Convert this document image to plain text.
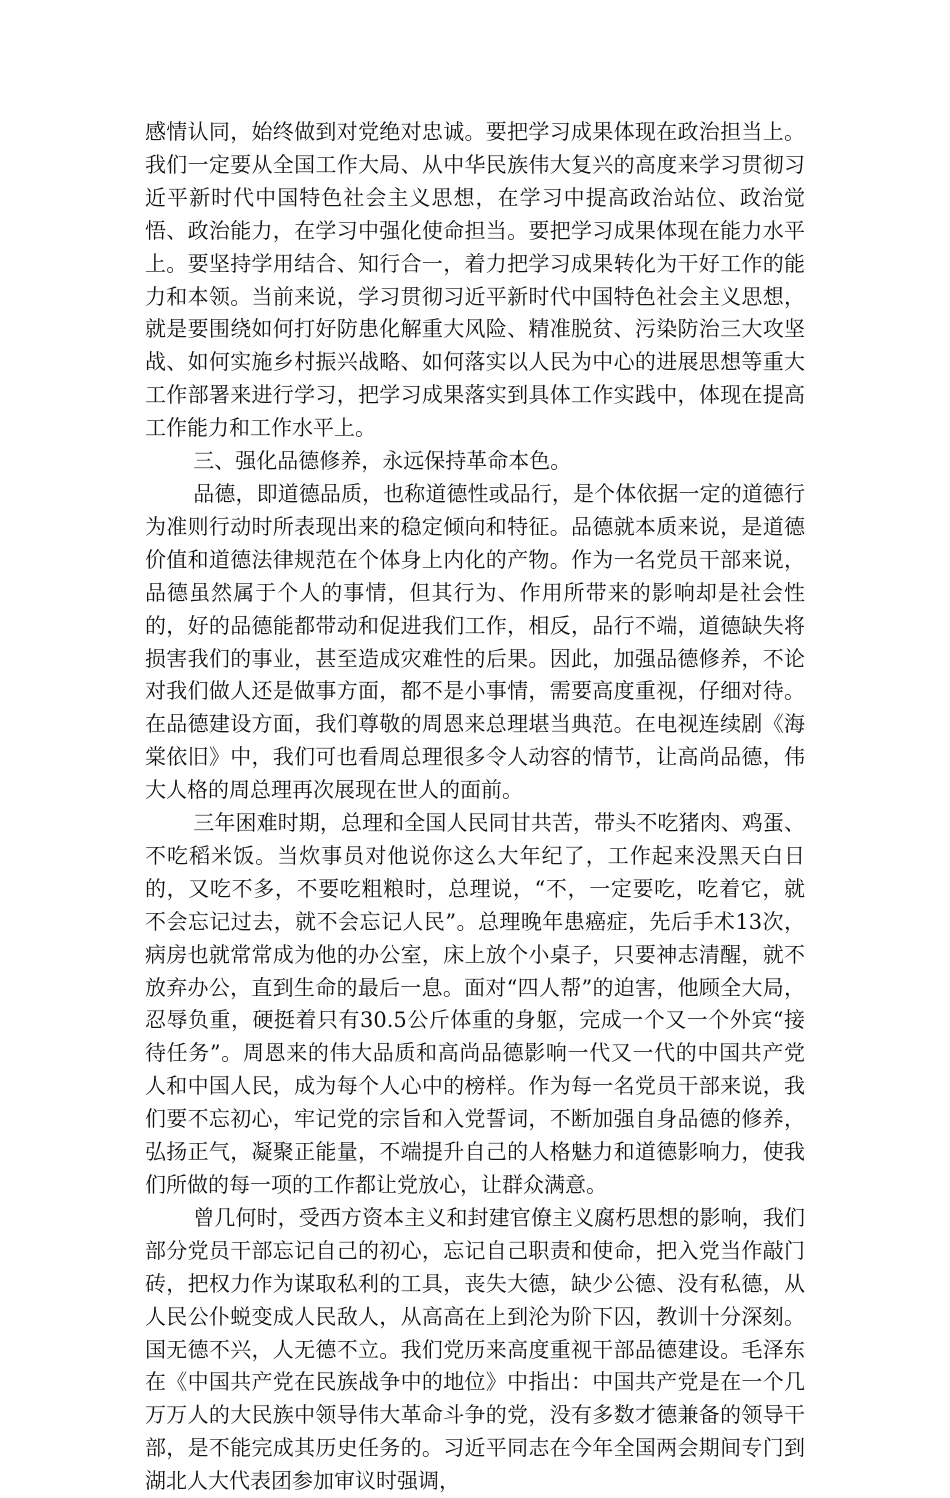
感情认同，始终做到对党绝对忠诚。要把学习成果体现在政治担当上。我们一定要从全国工作大局、从中华民族伟大复兴的高度来学习贯彻习近平新时代中国特色社会主义思想，在学习中提高政治站位、政治觉悟、政治能力，在学习中强化使命担当。要把学习成果体现在能力水平上。要坚持学用结合、知行合一，着力把学习成果转化为干好工作的能力和本领。当前来说，学习贯彻习近平新时代中国特色社会主义思想，就是要围绕如何打好防患化解重大风险、精准脱贫、污染防治三大攻坚战、如何实施乡村振兴战略、如何落实以人民为中心的进展思想等重大工作部署来进行学习，把学习成果落实到具体工作实践中，体现在提高工作能力和工作水平上。

三、强化品德修养，永远保持革命本色。

品德，即道德品质，也称道德性或品行，是个体依据一定的道德行为准则行动时所表现出来的稳定倾向和特征。品德就本质来说，是道德价值和道德法律规范在个体身上内化的产物。作为一名党员干部来说，品德虽然属于个人的事情，但其行为、作用所带来的影响却是社会性的，好的品德能都带动和促进我们工作，相反，品行不端，道德缺失将损害我们的事业，甚至造成灾难性的后果。因此，加强品德修养，不论对我们做人还是做事方面，都不是小事情，需要高度重视，仔细对待。在品德建设方面，我们尊敬的周恩来总理堪当典范。在电视连续剧《海棠依旧》中，我们可也看周总理很多令人动容的情节，让高尚品德，伟大人格的周总理再次展现在世人的面前。

三年困难时期，总理和全国人民同甘共苦，带头不吃猪肉、鸡蛋、不吃稻米饭。当炊事员对他说你这么大年纪了，工作起来没黑天白日的，又吃不多，不要吃粗粮时，总理说，“不，一定要吃，吃着它，就不会忘记过去，就不会忘记人民”。总理晚年患癌症，先后手术13次，病房也就常常成为他的办公室，床上放个小桌子，只要神志清醒，就不放弃办公，直到生命的最后一息。面对“四人帮”的迫害，他顾全大局，忍辱负重，硬挺着只有30.5公斤体重的身躯，完成一个又一个外宾“接待任务”。周恩来的伟大品质和高尚品德影响一代又一代的中国共产党人和中国人民，成为每个人心中的榜样。作为每一名党员干部来说，我们要不忘初心，牢记党的宗旨和入党誓词，不断加强自身品德的修养，弘扬正气，凝聚正能量，不端提升自己的人格魅力和道德影响力，使我们所做的每一项的工作都让党放心，让群众满意。

曾几何时，受西方资本主义和封建官僚主义腐朽思想的影响，我们部分党员干部忘记自己的初心，忘记自己职责和使命，把入党当作敲门砖，把权力作为谋取私利的工具，丧失大德，缺少公德、没有私德，从人民公仆蜕变成人民敌人，从高高在上到沦为阶下囚，教训十分深刻。国无德不兴，人无德不立。我们党历来高度重视干部品德建设。毛泽东在《中国共产党在民族战争中的地位》中指出：中国共产党是在一个几万万人的大民族中领导伟大革命斗争的党，没有多数才德兼备的领导干部，是不能完成其历史任务的。习近平同志在今年全国两会期间专门到湖北人大代表团参加审议时强调，
